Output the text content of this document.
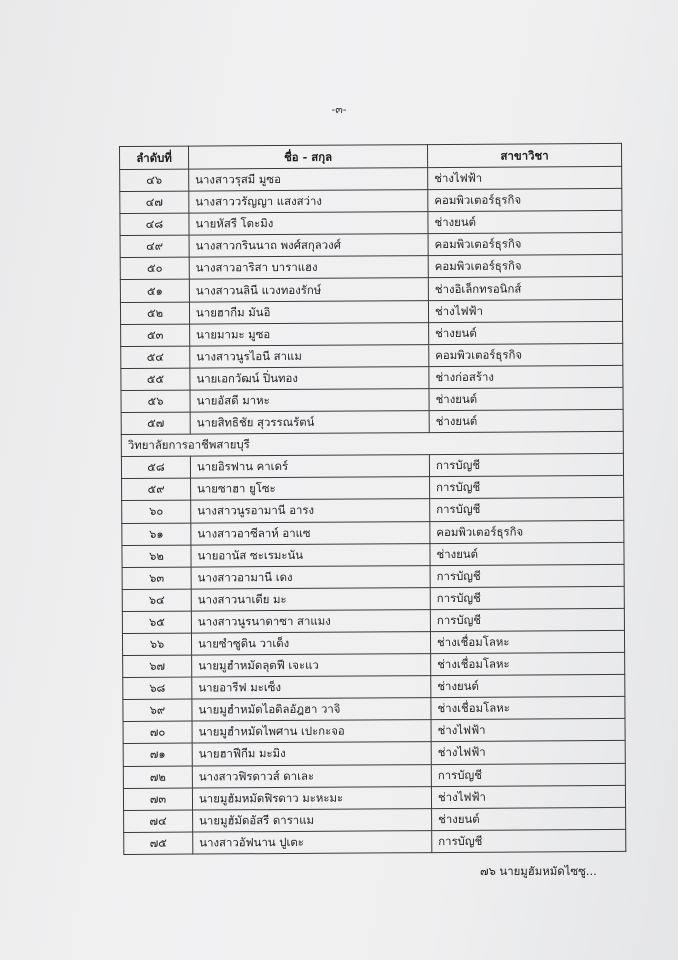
-๓-
ลำดับที่	ชื่อ - สกุล	สาขาวิชา
๔๖	นางสาวรุสมี มูซอ	ช่างไฟฟ้า
๔๗	นางสาววรัญญา แสงสว่าง	คอมพิวเตอร์ธุรกิจ
๔๘	นายหัสรี โตะมิง	ช่างยนต์
๔๙	นางสาวกรินนาถ พงศ์สกุลวงศ์	คอมพิวเตอร์ธุรกิจ
๕๐	นางสาวอาริสา บาราแฮง	คอมพิวเตอร์ธุรกิจ
๕๑	นางสาวนลินี แวงทองรักษ์	ช่างอิเล็กทรอนิกส์
๕๒	นายฮากีม มันอิ	ช่างไฟฟ้า
๕๓	นายมามะ มูซอ	ช่างยนต์
๕๔	นางสาวนูรไอนี สาแม	คอมพิวเตอร์ธุรกิจ
๕๕	นายเอกวัฒน์ ปิ่นทอง	ช่างก่อสร้าง
๕๖	นายอัสดี มาหะ	ช่างยนต์
๕๗	นายสิทธิชัย สุวรรณรัตน์	ช่างยนต์
วิทยาลัยการอาชีพสายบุรี		
๕๘	นายอิรฟาน คาเดร์	การบัญชี
๕๙	นายซาฮา ยูโซะ	การบัญชี
๖๐	นางสาวนูรอามานี อารง	การบัญชี
๖๑	นางสาวอาซีลาห์ อาแซ	คอมพิวเตอร์ธุรกิจ
๖๒	นายอานัส ซะเรมะนัน	ช่างยนต์
๖๓	นางสาวอามานี เดง	การบัญชี
๖๔	นางสาวนาเดีย มะ	การบัญชี
๖๕	นางสาวนูรนาดาซา สาแมง	การบัญชี
๖๖	นายซำซูดิน วาเด็ง	ช่างเชื่อมโลหะ
๖๗	นายมูฮำหมัดลุตฟี เจะแว	ช่างเชื่อมโลหะ
๖๘	นายอารีฟ มะเซ็ง	ช่างยนต์
๖๙	นายมูฮำหมัดไอดิลอัฎฮา วาจิ	ช่างเชื่อมโลหะ
๗๐	นายมูฮำหมัดไพศาน เปะกะจอ	ช่างไฟฟ้า
๗๑	นายฮาฟีกีม มะมิง	ช่างไฟฟ้า
๗๒	นางสาวฟิรดาวส์ ดาเละ	การบัญชี
๗๓	นายมูฮัมหมัดฟิรดาว มะหะมะ	ช่างไฟฟ้า
๗๔	นายมูฮัมัดอัสรี ดาราแม	ช่างยนต์
๗๕	นางสาวอัฟนาน ปูเตะ	การบัญชี
๗๖ นายมูฮัมหมัดไซซู...
